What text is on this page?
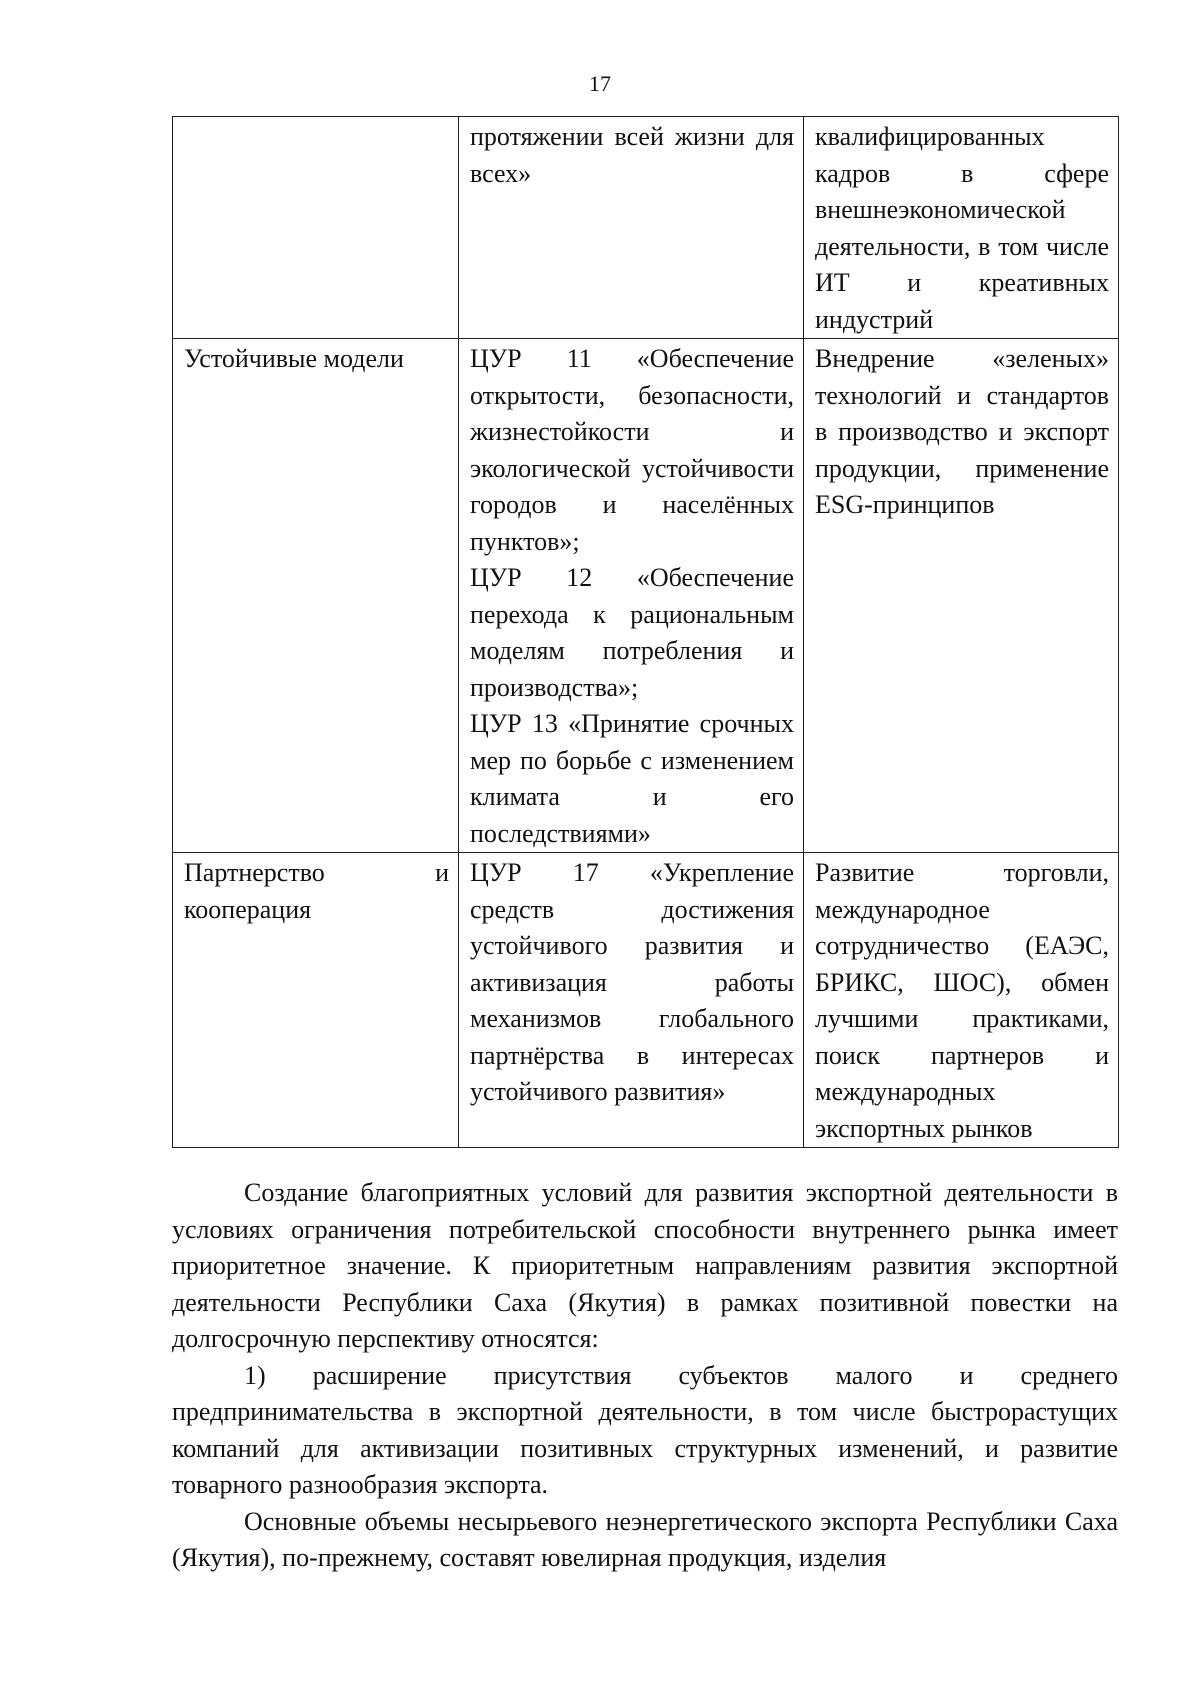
17

	протяжении всей жизни для всех»	квалифицированных кадров в сфере внешнеэкономической деятельности, в том числе ИТ и креативных индустрий

Устойчивые модели	ЦУР 11 «Обеспечение открытости, безопасности, жизнестойкости и экологической устойчивости городов и населённых пунктов»;
ЦУР 12 «Обеспечение перехода к рациональным моделям потребления и производства»;
ЦУР 13 «Принятие срочных мер по борьбе с изменением климата и его последствиями»	Внедрение «зеленых» технологий и стандартов в производство и экспорт продукции, применение ESG-принципов

Партнерство и кооперация	ЦУР 17 «Укрепление средств достижения устойчивого развития и активизация работы механизмов глобального партнёрства в интересах устойчивого развития»	Развитие торговли, международное сотрудничество (ЕАЭС, БРИКС, ШОС), обмен лучшими практиками, поиск партнеров и международных экспортных рынков

Создание благоприятных условий для развития экспортной деятельности в условиях ограничения потребительской способности внутреннего рынка имеет приоритетное значение. К приоритетным направлениям развития экспортной деятельности Республики Саха (Якутия) в рамках позитивной повестки на долгосрочную перспективу относятся:

1) расширение присутствия субъектов малого и среднего предпринимательства в экспортной деятельности, в том числе быстрорастущих компаний для активизации позитивных структурных изменений, и развитие товарного разнообразия экспорта.

Основные объемы несырьевого неэнергетического экспорта Республики Саха (Якутия), по-прежнему, составят ювелирная продукция, изделия
